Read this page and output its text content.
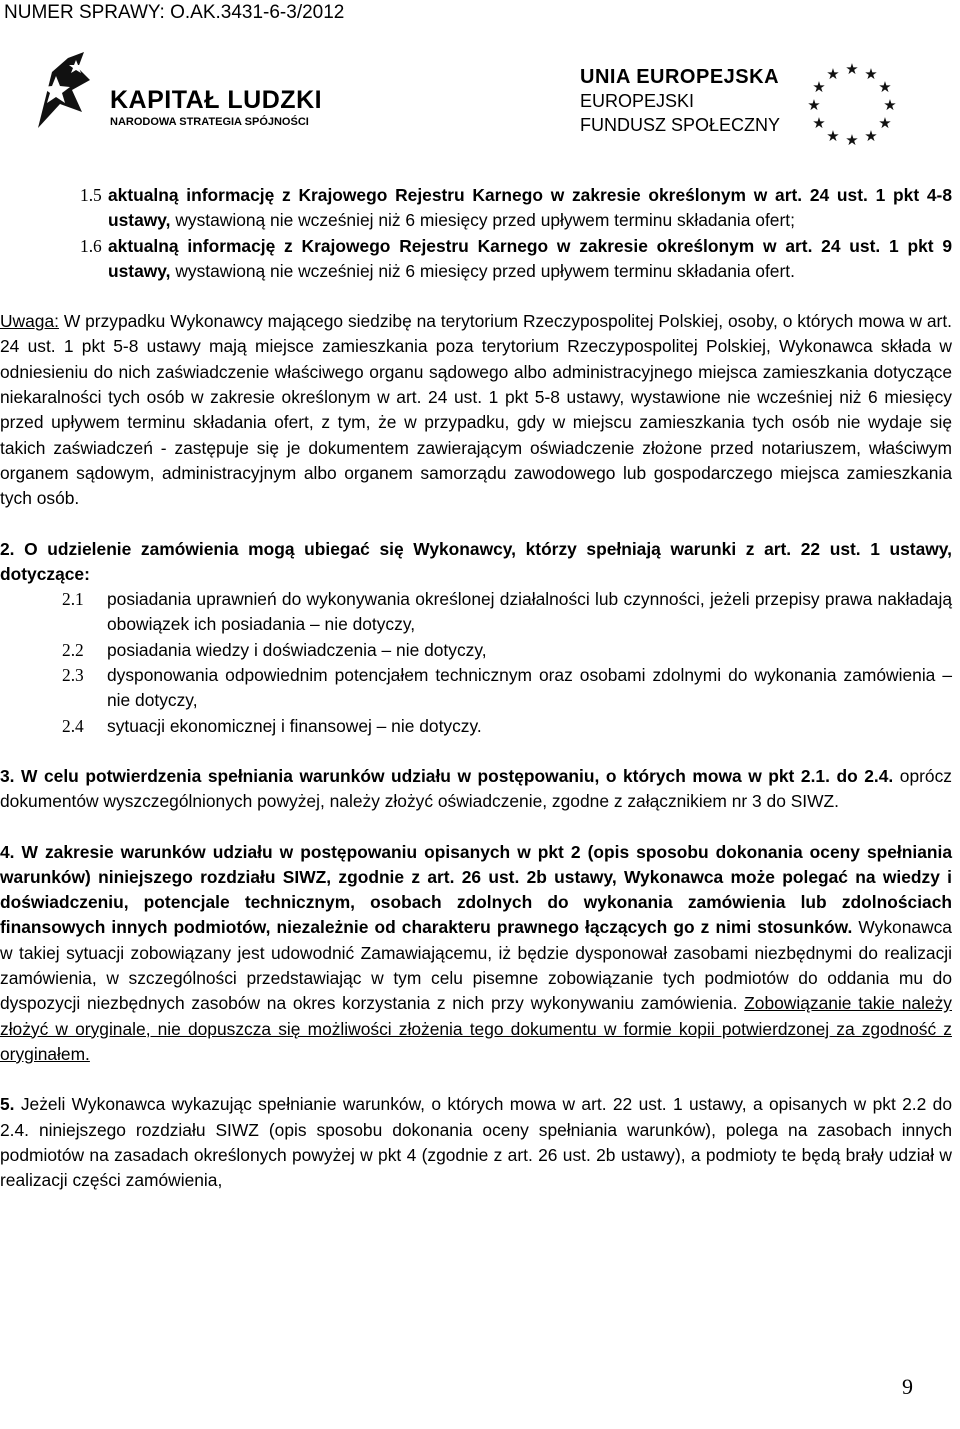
NUMER SPRAWY: O.AK.3431-6-3/2012
KAPITAŁ LUDZKI
NARODOWA STRATEGIA SPÓJNOŚCI
UNIA EUROPEJSKA
EUROPEJSKI
FUNDUSZ SPOŁECZNY
★ ★
★
★
★
★
★
★
★
★
★
★
1.5 aktualną informację z Krajowego Rejestru Karnego w zakresie określonym w art. 24 ust. 1 pkt 4-8 ustawy, wystawioną nie wcześniej niż 6 miesięcy przed upływem terminu składania ofert;
1.6 aktualną informację z Krajowego Rejestru Karnego w zakresie określonym w art. 24 ust. 1 pkt 9 ustawy, wystawioną nie wcześniej niż 6 miesięcy przed upływem terminu składania ofert.

Uwaga: W przypadku Wykonawcy mającego siedzibę na terytorium Rzeczypospolitej Polskiej, osoby, o których mowa w art. 24 ust. 1 pkt 5-8 ustawy mają miejsce zamieszkania poza terytorium Rzeczypospolitej Polskiej, Wykonawca składa w odniesieniu do nich zaświadczenie właściwego organu sądowego albo administracyjnego miejsca zamieszkania dotyczące niekaralności tych osób w zakresie określonym w art. 24 ust. 1 pkt 5-8 ustawy, wystawione nie wcześniej niż 6 miesięcy przed upływem terminu składania ofert, z tym, że w przypadku, gdy w miejscu zamieszkania tych osób nie wydaje się takich zaświadczeń - zastępuje się je dokumentem zawierającym oświadczenie złożone przed notariuszem, właściwym organem sądowym, administracyjnym albo organem samorządu zawodowego lub gospodarczego miejsca zamieszkania tych osób.

2. O udzielenie zamówienia mogą ubiegać się Wykonawcy, którzy spełniają warunki z art. 22 ust. 1 ustawy, dotyczące:

2.1	posiadania uprawnień do wykonywania określonej działalności lub czynności, jeżeli przepisy prawa nakładają obowiązek ich posiadania – nie dotyczy,
2.2	posiadania wiedzy i doświadczenia – nie dotyczy,
2.3	dysponowania odpowiednim potencjałem technicznym oraz osobami zdolnymi do wykonania zamówienia – nie dotyczy,
2.4	sytuacji ekonomicznej i finansowej – nie dotyczy.

3. W celu potwierdzenia spełniania warunków udziału w postępowaniu, o których mowa w pkt 2.1. do 2.4. oprócz dokumentów wyszczególnionych powyżej, należy złożyć oświadczenie, zgodne z załącznikiem nr 3 do SIWZ.

4. W zakresie warunków udziału w postępowaniu opisanych w pkt 2 (opis sposobu dokonania oceny spełniania warunków) niniejszego rozdziału SIWZ, zgodnie z art. 26 ust. 2b ustawy, Wykonawca może polegać na wiedzy i doświadczeniu, potencjale technicznym, osobach zdolnych do wykonania zamówienia lub zdolnościach finansowych innych podmiotów, niezależnie od charakteru prawnego łączących go z nimi stosunków. Wykonawca w takiej sytuacji zobowiązany jest udowodnić Zamawiającemu, iż będzie dysponował zasobami niezbędnymi do realizacji zamówienia, w szczególności przedstawiając w tym celu pisemne zobowiązanie tych podmiotów do oddania mu do dyspozycji niezbędnych zasobów na okres korzystania z nich przy wykonywaniu zamówienia. Zobowiązanie takie należy złożyć w oryginale, nie dopuszcza się możliwości złożenia tego dokumentu w formie kopii potwierdzonej za zgodność z oryginałem.

5. Jeżeli Wykonawca wykazując spełnianie warunków, o których mowa w art. 22 ust. 1 ustawy, a opisanych w pkt 2.2 do 2.4. niniejszego rozdziału SIWZ (opis sposobu dokonania oceny spełniania warunków), polega na zasobach innych podmiotów na zasadach określonych powyżej w pkt 4 (zgodnie z art. 26 ust. 2b ustawy), a podmioty te będą brały udział w realizacji części zamówienia,

9
